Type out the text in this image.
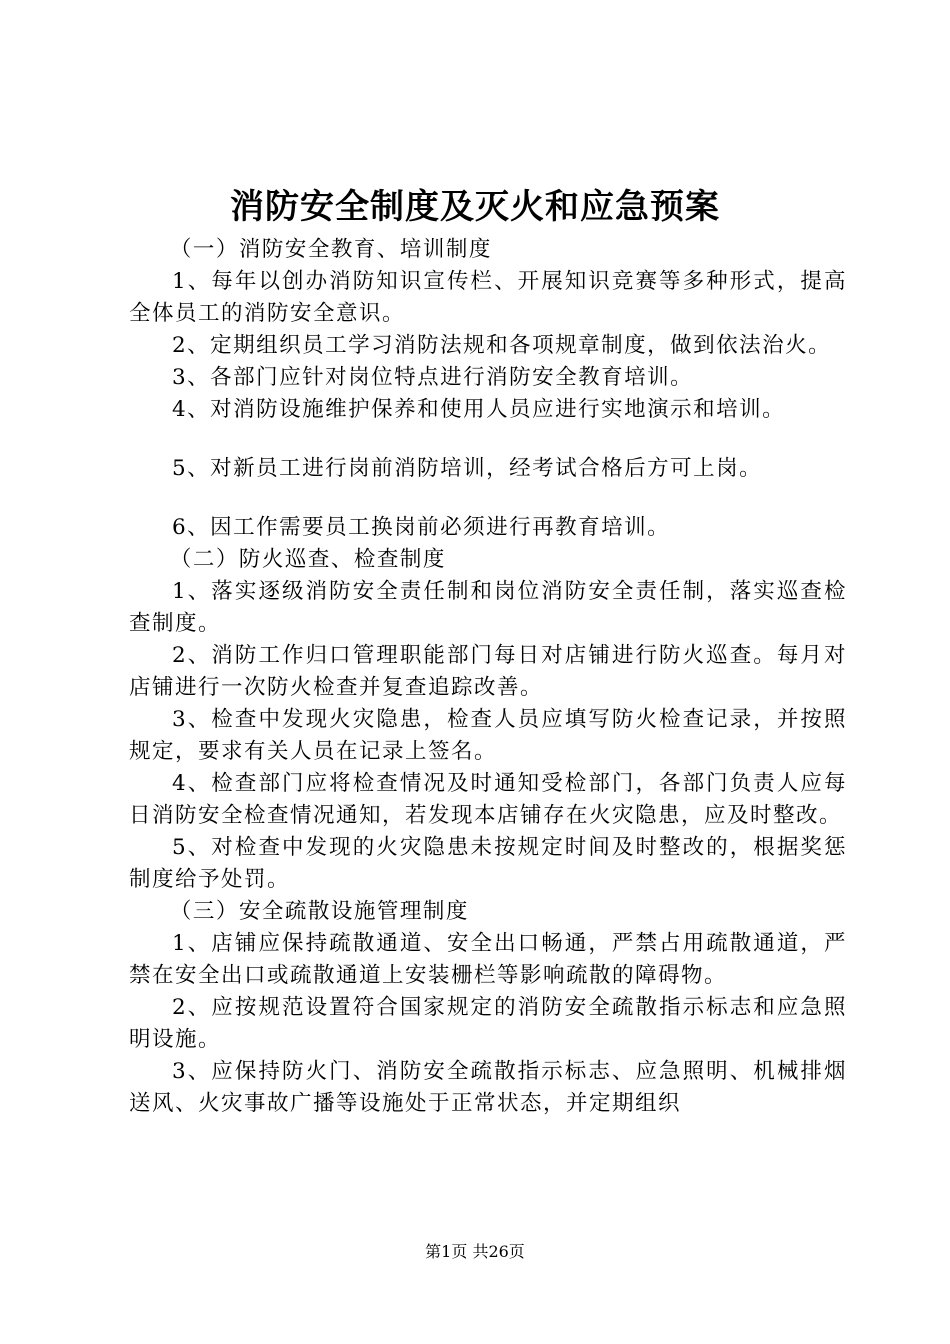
消防安全制度及灭火和应急预案

（一）消防安全教育、培训制度

1、每年以创办消防知识宣传栏、开展知识竞赛等多种形式，提高全体员工的消防安全意识。

2、定期组织员工学习消防法规和各项规章制度，做到依法治火。

3、各部门应针对岗位特点进行消防安全教育培训。

4、对消防设施维护保养和使用人员应进行实地演示和培训。

5、对新员工进行岗前消防培训，经考试合格后方可上岗。

6、因工作需要员工换岗前必须进行再教育培训。

（二）防火巡查、检查制度

1、落实逐级消防安全责任制和岗位消防安全责任制，落实巡查检查制度。

2、消防工作归口管理职能部门每日对店铺进行防火巡查。每月对店铺进行一次防火检查并复查追踪改善。

3、检查中发现火灾隐患，检查人员应填写防火检查记录，并按照规定，要求有关人员在记录上签名。

4、检查部门应将检查情况及时通知受检部门，各部门负责人应每日消防安全检查情况通知，若发现本店铺存在火灾隐患，应及时整改。

5、对检查中发现的火灾隐患未按规定时间及时整改的，根据奖惩制度给予处罚。

（三）安全疏散设施管理制度

1、店铺应保持疏散通道、安全出口畅通，严禁占用疏散通道，严禁在安全出口或疏散通道上安装栅栏等影响疏散的障碍物。

2、应按规范设置符合国家规定的消防安全疏散指示标志和应急照明设施。

3、应保持防火门、消防安全疏散指示标志、应急照明、机械排烟送风、火灾事故广播等设施处于正常状态，并定期组织

第1页 共26页
